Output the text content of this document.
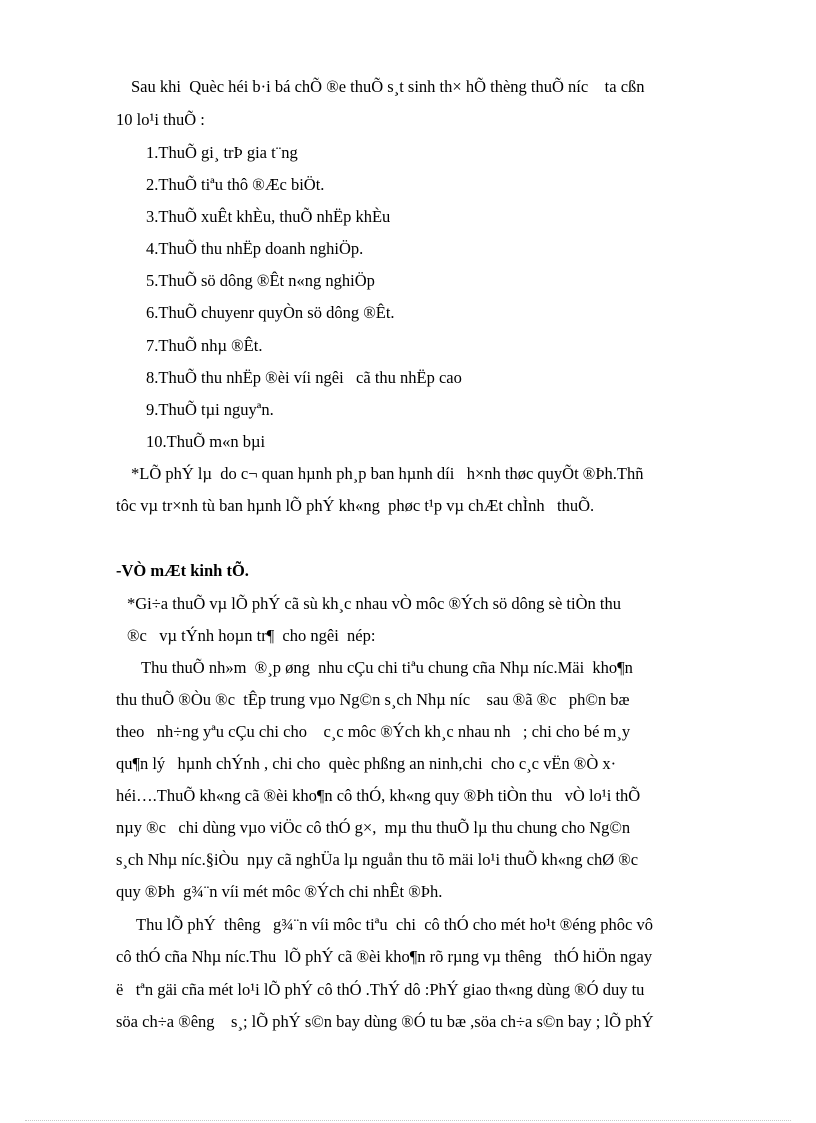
Sau khi  Quèc héi b·i bá chÕ ®e thuÕ s¸t sinh th× hÕ thèng thuÕ níc    ta cßn
10 lo¹i thuÕ :
1.ThuÕ gi¸ trÞ gia t¨ng
2.ThuÕ tiªu thô ®Æc biÖt.
3.ThuÕ xuÊt khÈu, thuÕ nhËp khÈu
4.ThuÕ thu nhËp doanh nghiÖp.
5.ThuÕ sö dông ®Êt n«ng nghiÖp
6.ThuÕ chuyenr quyÒn sö dông ®Êt.
7.ThuÕ nhµ ®Êt.
8.ThuÕ thu nhËp ®èi víi ngêi   cã thu nhËp cao
9.ThuÕ tµi nguyªn.
10.ThuÕ m«n bµi
*LÕ phÝ lµ  do c¬ quan hµnh ph¸p ban hµnh díi   h×nh thøc quyÕt ®Þh.Thñ
tôc vµ tr×nh tù ban hµnh lÕ phÝ kh«ng  phøc t¹p vµ chÆt chÌnh   thuÕ.
-VÒ mÆt kinh tÕ.
*Gi÷a thuÕ vµ lÕ phÝ cã sù kh¸c nhau vÒ môc ®Ých sö dông sè tiÒn thu
®c   vµ tÝnh hoµn tr¶  cho ngêi  nép:
Thu thuÕ nh»m  ®¸p øng  nhu cÇu chi tiªu chung cña Nhµ níc.Mäi  kho¶n
thu thuÕ ®Òu ®c  tÊp trung vµo Ng©n s¸ch Nhµ níc    sau ®ã ®c   ph©n bæ
theo   nh÷ng yªu cÇu chi cho    c¸c môc ®Ých kh¸c nhau nh   ; chi cho bé m¸y
qu¶n lý   hµnh chÝnh , chi cho  quèc phßng an ninh,chi  cho c¸c vËn ®Ò x·
héi….ThuÕ kh«ng cã ®èi kho¶n cô thÓ, kh«ng quy ®Þh tiÒn thu   vÒ lo¹i thÕ
nµy ®c   chi dùng vµo viÖc cô thÓ g×,  mµ thu thuÕ lµ thu chung cho Ng©n
s¸ch Nhµ níc.§iÒu  nµy cã nghÜa lµ nguån thu tõ mäi lo¹i thuÕ kh«ng chØ ®c
quy ®Þh  g¾¨n víi mét môc ®Ých chi nhÊt ®Þh.
Thu lÕ phÝ  thêng   g¾¨n víi môc tiªu  chi  cô thÓ cho mét ho¹t ®éng phôc vô
cô thÓ cña Nhµ níc.Thu  lÕ phÝ cã ®èi kho¶n rõ rµng vµ thêng   thÓ hiÖn ngay
ë   tªn gäi cña mét lo¹i lÕ phÝ cô thÓ .ThÝ dô :PhÝ giao th«ng dùng ®Ó duy tu
söa ch÷a ®êng    s¸; lÕ phÝ s©n bay dùng ®Ó tu bæ ,söa ch÷a s©n bay ; lÕ phÝ
